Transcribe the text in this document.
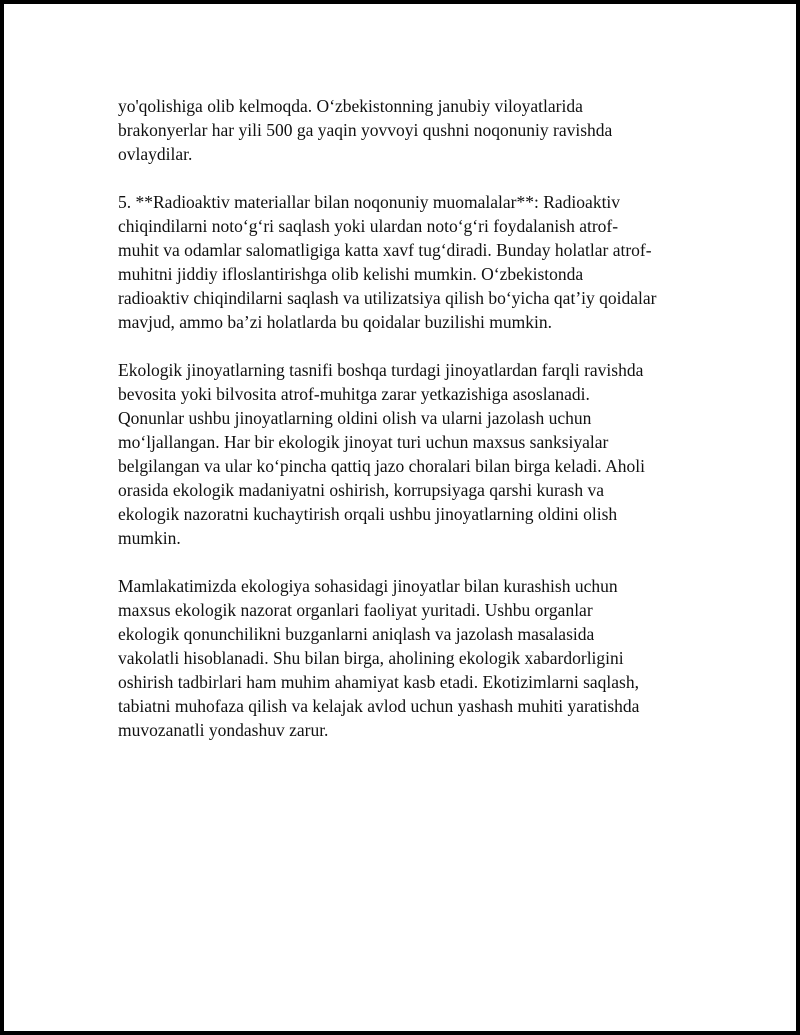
yo'qolishiga olib kelmoqda. O‘zbekistonning janubiy viloyatlarida
brakonyerlar har yili 500 ga yaqin yovvoyi qushni noqonuniy ravishda
ovlaydilar.

5. **Radioaktiv materiallar bilan noqonuniy muomalalar**: Radioaktiv
chiqindilarni noto‘g‘ri saqlash yoki ulardan noto‘g‘ri foydalanish atrof-
muhit va odamlar salomatligiga katta xavf tug‘diradi. Bunday holatlar atrof-
muhitni jiddiy ifloslantirishga olib kelishi mumkin. O‘zbekistonda
radioaktiv chiqindilarni saqlash va utilizatsiya qilish bo‘yicha qat’iy qoidalar
mavjud, ammo ba’zi holatlarda bu qoidalar buzilishi mumkin.

Ekologik jinoyatlarning tasnifi boshqa turdagi jinoyatlardan farqli ravishda
bevosita yoki bilvosita atrof-muhitga zarar yetkazishiga asoslanadi.
Qonunlar ushbu jinoyatlarning oldini olish va ularni jazolash uchun
mo‘ljallangan. Har bir ekologik jinoyat turi uchun maxsus sanksiyalar
belgilangan va ular ko‘pincha qattiq jazo choralari bilan birga keladi. Aholi
orasida ekologik madaniyatni oshirish, korrupsiyaga qarshi kurash va
ekologik nazoratni kuchaytirish orqali ushbu jinoyatlarning oldini olish
mumkin.

Mamlakatimizda ekologiya sohasidagi jinoyatlar bilan kurashish uchun
maxsus ekologik nazorat organlari faoliyat yuritadi. Ushbu organlar
ekologik qonunchilikni buzganlarni aniqlash va jazolash masalasida
vakolatli hisoblanadi. Shu bilan birga, aholining ekologik xabardorligini
oshirish tadbirlari ham muhim ahamiyat kasb etadi. Ekotizimlarni saqlash,
tabiatni muhofaza qilish va kelajak avlod uchun yashash muhiti yaratishda
muvozanatli yondashuv zarur.
